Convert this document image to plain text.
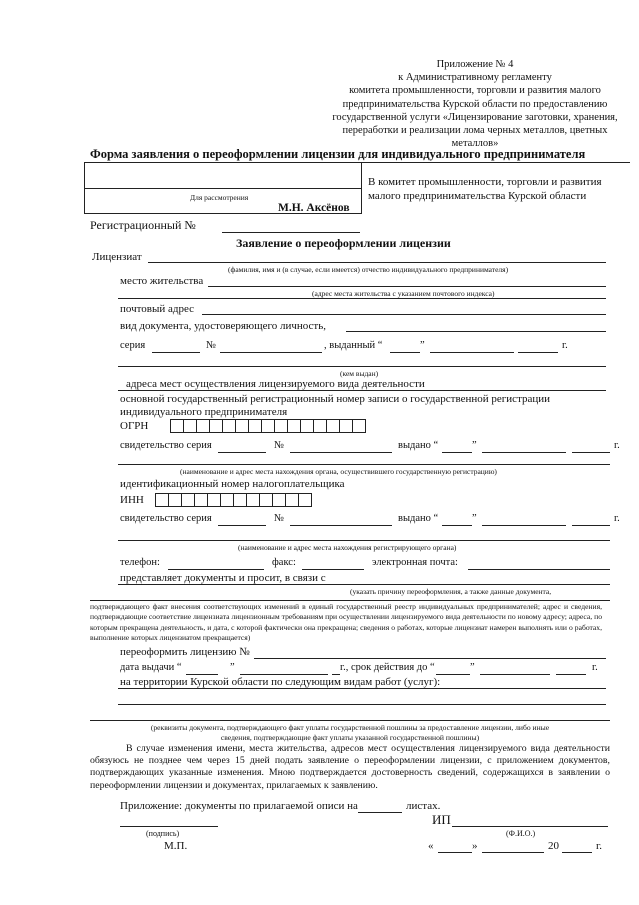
Приложение № 4
к Административному регламенту
комитета промышленности, торговли и развития малого
предпринимательства Курской области по предоставлению
государственной услуги «Лицензирование заготовки, хранения,
переработки и реализации лома черных металлов, цветных
металлов»
Форма заявления о переоформлении лицензии для индивидуального предпринимателя
Для рассмотрения
М.Н. Аксёнов
В комитет промышленности, торговли и развития
малого предпринимательства Курской области
Регистрационный №
Заявление о переоформлении лицензии
Лицензиат
(фамилия, имя и (в случае, если имеется) отчество индивидуального предпринимателя)
место жительства
(адрес места жительства с указанием почтового индекса)
почтовый адрес
вид документа, удостоверяющего личность,
серия	№	, выданный “	”	г.
(кем выдан)
адреса мест осуществления лицензируемого вида деятельности
основной государственный регистрационный номер записи о государственной регистрации
индивидуального предпринимателя
ОГРН
свидетельство серия	№	выдано “	”	г.
(наименование и адрес места нахождения органа, осуществившего государственную регистрацию)
идентификационный номер налогоплательщика
ИНН
свидетельство серия	№	выдано “	”	г.
(наименование и адрес места нахождения регистрирующего органа)
телефон:	факс:	электронная почта:
представляет документы и просит, в связи с
(указать причину переоформления, а также данные документа,
подтверждающего факт внесения соответствующих изменений в единый государственный реестр индивидуальных предпринимателей; адрес и сведения, подтверждающие соответствие лицензиата лицензионным требованиям при осуществлении лицензируемого вида деятельности по новому адресу; адреса, по которым прекращена деятельность, и дата, с которой фактически она прекращена; сведения о работах, которые лицензиат намерен выполнять или о работах, выполнение которых лицензиатом прекращается)
переоформить лицензию №
дата выдачи “	”	г., срок действия до “	”	г.
на территории Курской области по следующим видам работ (услуг):
(реквизиты документа, подтверждающего факт уплаты государственной пошлины за предоставление лицензии, либо иные
сведения, подтверждающие факт уплаты указанной государственной пошлины)
В случае изменения имени, места жительства, адресов мест осуществления лицензируемого вида деятельности обязуюсь не позднее чем через 15 дней подать заявление о переоформлении лицензии, с приложением документов, подтверждающих указанные изменения. Мною подтверждается достоверность сведений, содержащихся в заявлении о переоформлении лицензии и документах, прилагаемых к заявлению.
Приложение: документы по прилагаемой описи на	листах.
ИП
(подпись)	(Ф.И.О.)
М.П.	«	»	20	г.
